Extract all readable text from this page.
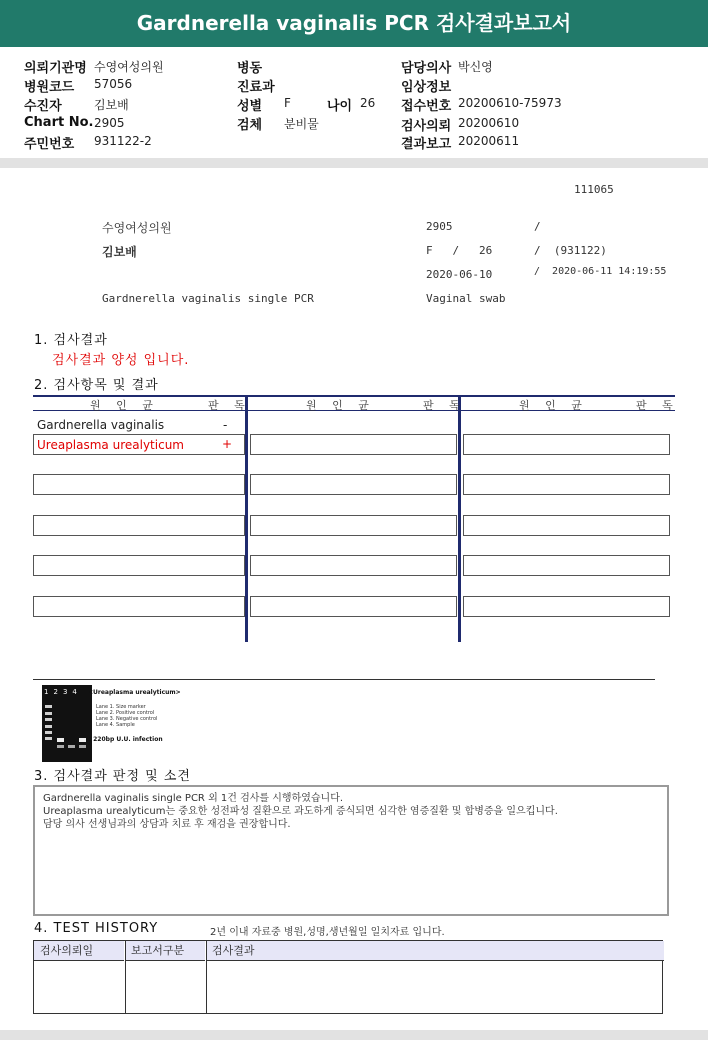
Gardnerella vaginalis PCR 검사결과보고서
의뢰기관명 수영여성의원	병동	담당의사 박신영
병원코드 57056	진료과	임상정보
수진자	김보배	성별 F	나이 26 접수번호 20200610-75973
Chart No. 2905	검체 분비물	검사의뢰 20200610
주민번호 931122-2	결과보고 20200611
111065
수영여성의원	2905	/
김보배	F   /   26	/  (931122)
2020-06-10	/  2020-06-11 14:19:55
Gardnerella vaginalis single PCR	Vaginal swab
1. 검사결과
검사결과 양성 입니다.
2. 검사항목 및 결과
원 인 균	판 독	원 인 균	판 독	원 인 균	판 독
Gardnerella vaginalis	-
Ureaplasma urealyticum	+
1234	<Ureaplasma urealyticum>
Lane 1. Size marker
Lane 2. Positive control
Lane 3. Negative control
Lane 4. Sample
← 220bp U.U. infection
3. 검사결과 판정 및 소견
Gardnerella vaginalis single PCR 외 1건 검사를 시행하였습니다.
Ureaplasma urealyticum는 중요한 성전파성 질환으로 과도하게 증식되면 심각한 염증질환 및 합병증을 일으킵니다.
담당 의사 선생님과의 상담과 치료 후 재검을 권장합니다.
4. TEST HISTORY	2년 이내 자료중 병원,성명,생년월일 일치자료 입니다.
검사의뢰일	보고서구분	검사결과
